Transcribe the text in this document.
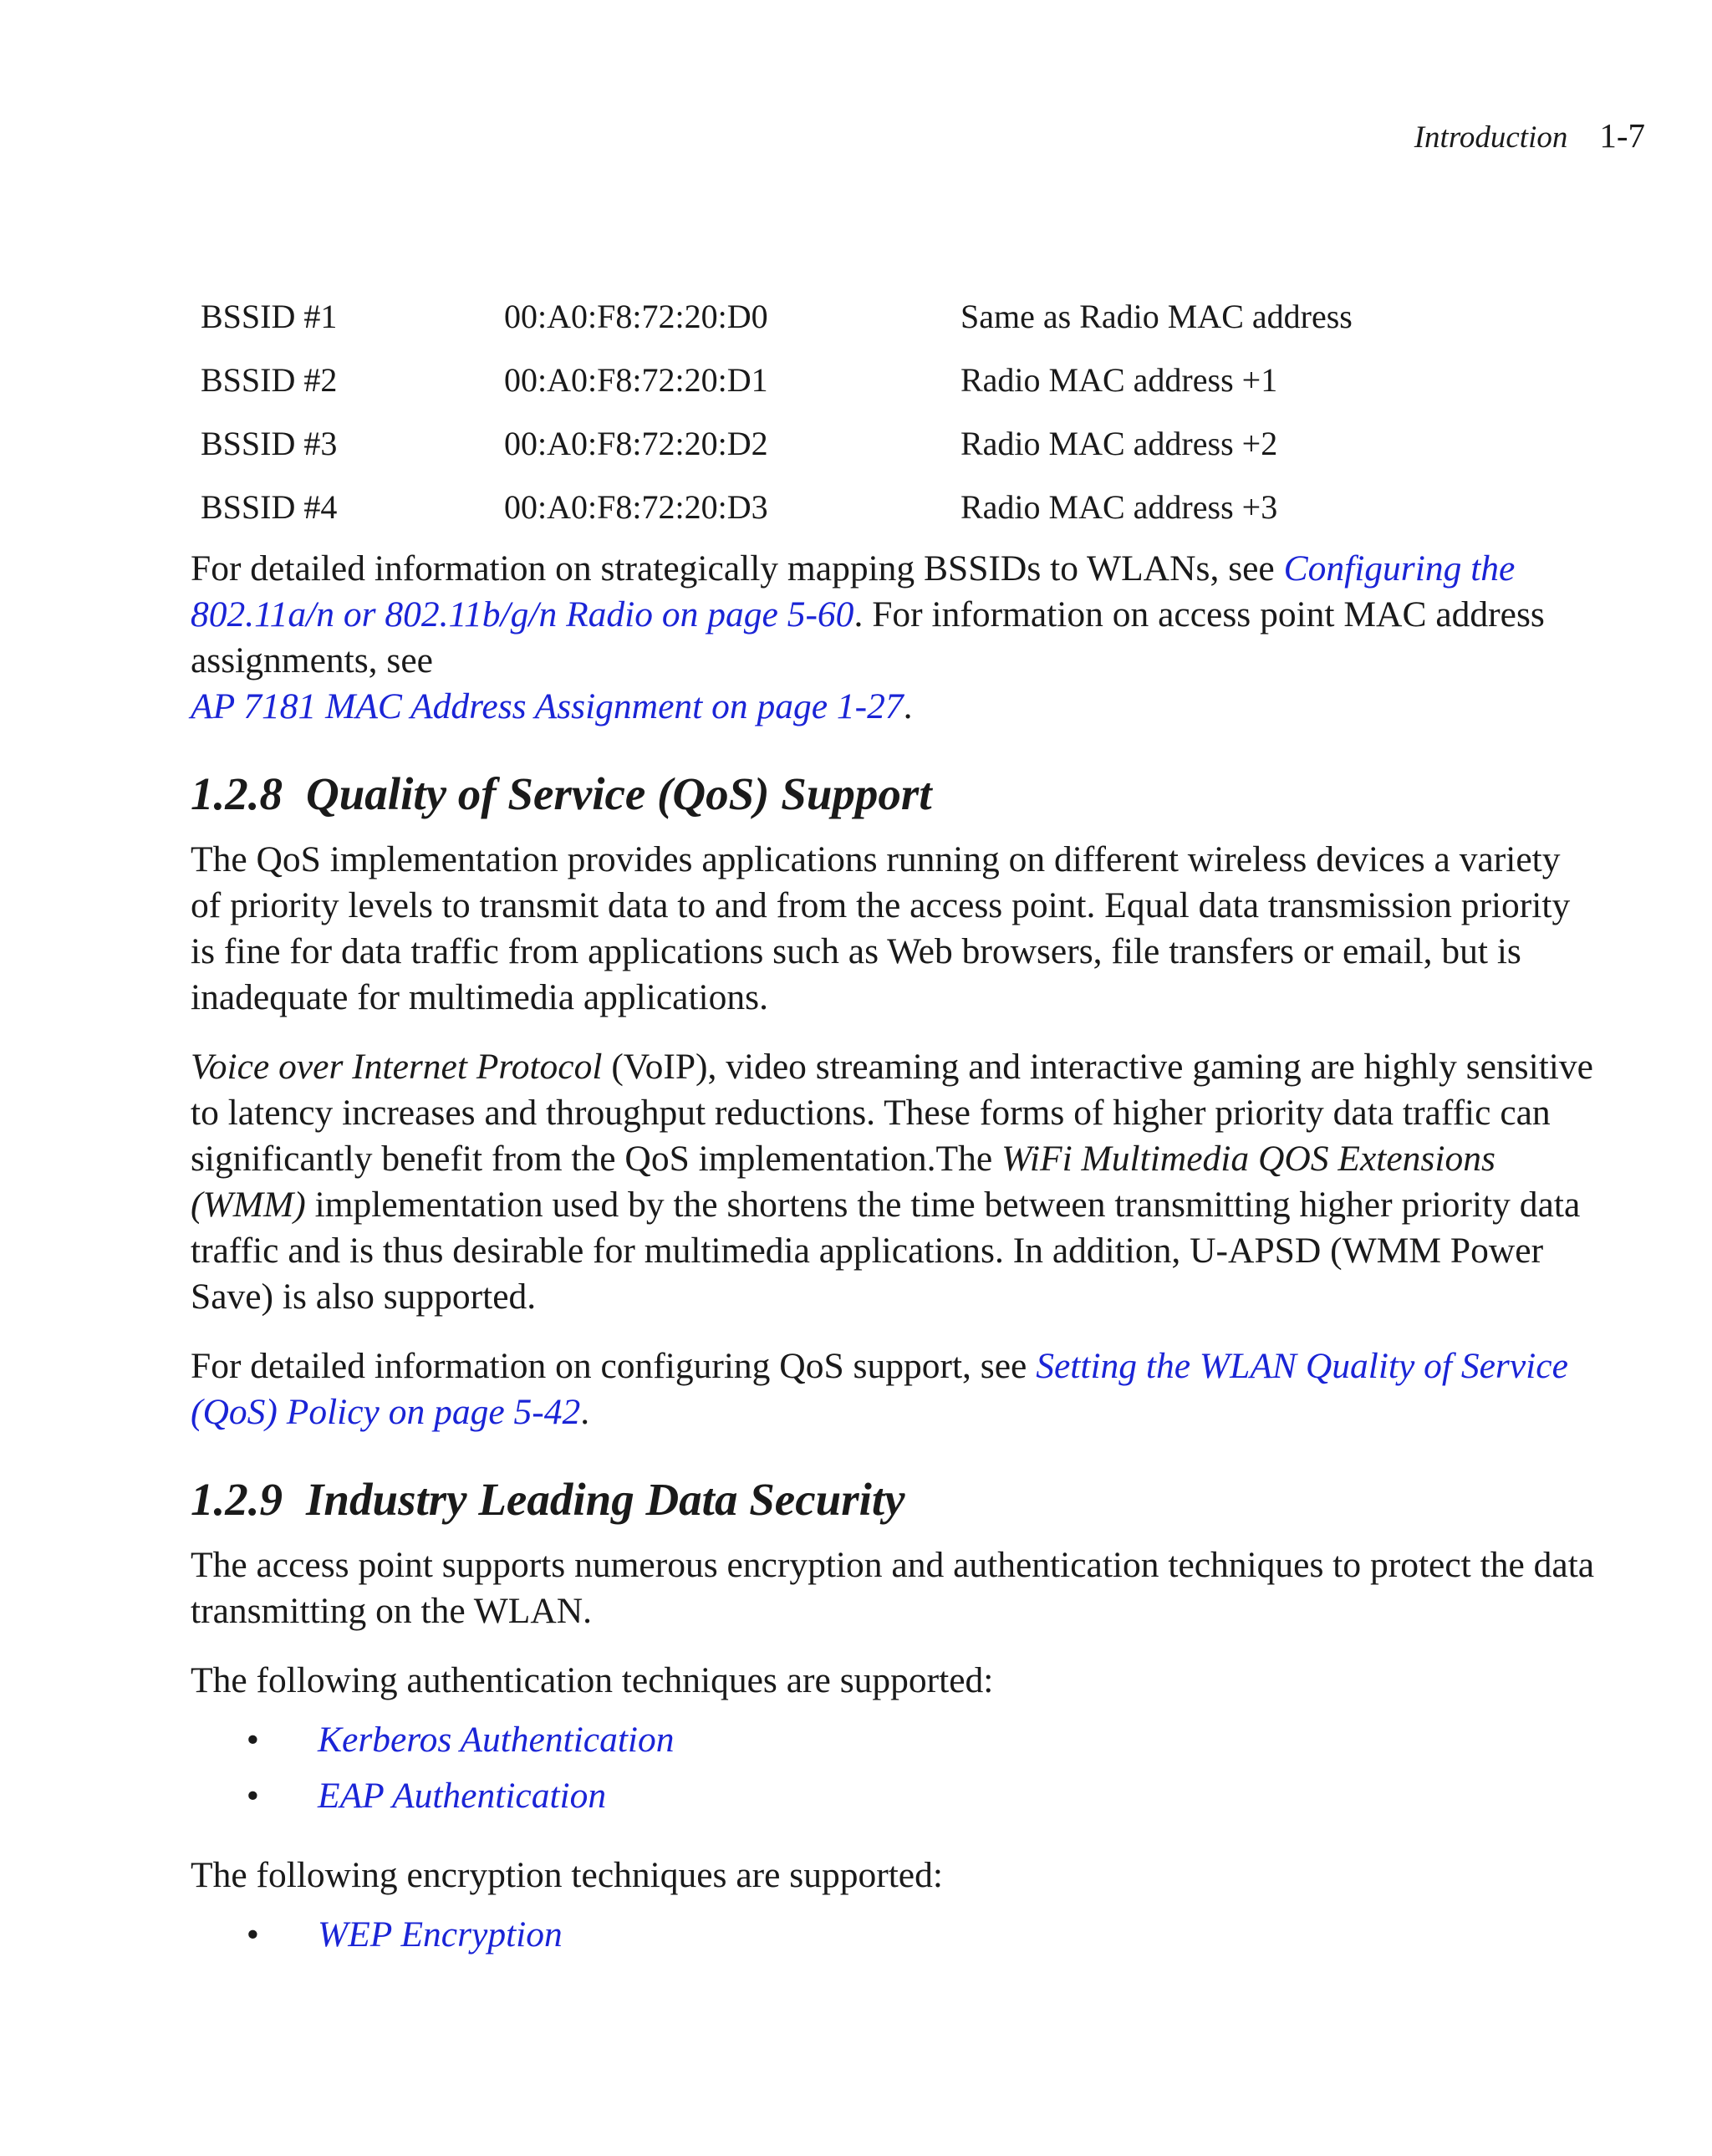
Introduction 1-7
BSSID #1	00:A0:F8:72:20:D0	Same as Radio MAC address
BSSID #2	00:A0:F8:72:20:D1	Radio MAC address +1
BSSID #3	00:A0:F8:72:20:D2	Radio MAC address +2
BSSID #4	00:A0:F8:72:20:D3	Radio MAC address +3

For detailed information on strategically mapping BSSIDs to WLANs, see Configuring the 802.11a/n or 802.11b/g/n Radio on page 5-60. For information on access point MAC address assignments, see
AP 7181 MAC Address Assignment on page 1-27.

1.2.8 Quality of Service (QoS) Support

The QoS implementation provides applications running on different wireless devices a variety of priority levels to transmit data to and from the access point. Equal data transmission priority is fine for data traffic from applications such as Web browsers, file transfers or email, but is inadequate for multimedia applications.

Voice over Internet Protocol (VoIP), video streaming and interactive gaming are highly sensitive to latency increases and throughput reductions. These forms of higher priority data traffic can significantly benefit from the QoS implementation.The WiFi Multimedia QOS Extensions (WMM) implementation used by the shortens the time between transmitting higher priority data traffic and is thus desirable for multimedia applications. In addition, U-APSD (WMM Power Save) is also supported.

For detailed information on configuring QoS support, see Setting the WLAN Quality of Service (QoS) Policy on page 5-42.

1.2.9 Industry Leading Data Security

The access point supports numerous encryption and authentication techniques to protect the data transmitting on the WLAN.

The following authentication techniques are supported:

•	Kerberos Authentication
•	EAP Authentication

The following encryption techniques are supported:

•	WEP Encryption
